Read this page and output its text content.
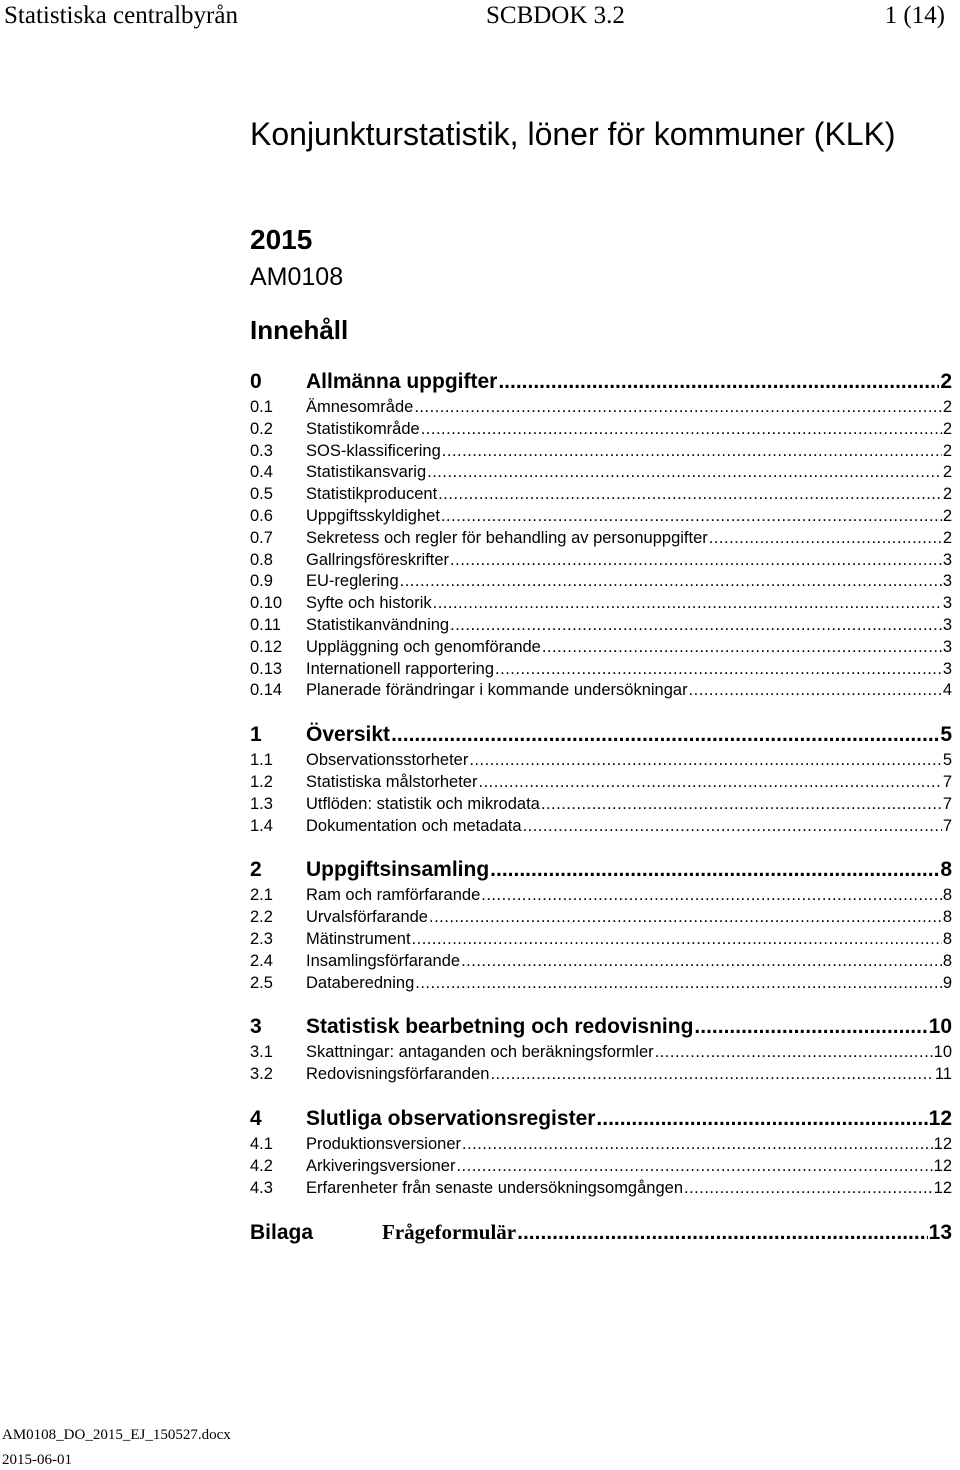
Statistiska centralbyrån	SCBDOK 3.2	1 (14)
Konjunkturstatistik, löner för kommuner (KLK)
2015
AM0108
Innehåll
0	Allmänna uppgifter .....	2
0.1	Ämnesområde .....	2
0.2	Statistikområde .....	2
0.3	SOS-klassificering .....	2
0.4	Statistikansvarig .....	2
0.5	Statistikproducent .....	2
0.6	Uppgiftsskyldighet .....	2
0.7	Sekretess och regler för behandling av personuppgifter .....	2
0.8	Gallringsföreskrifter .....	3
0.9	EU-reglering .....	3
0.10	Syfte och historik .....	3
0.11	Statistikanvändning .....	3
0.12	Uppläggning och genomförande .....	3
0.13	Internationell rapportering .....	3
0.14	Planerade förändringar i kommande undersökningar .....	4
1	Översikt .....	5
1.1	Observationsstorheter .....	5
1.2	Statistiska målstorheter .....	7
1.3	Utflöden: statistik och mikrodata .....	7
1.4	Dokumentation och metadata .....	7
2	Uppgiftsinsamling .....	8
2.1	Ram och ramförfarande .....	8
2.2	Urvalsförfarande .....	8
2.3	Mätinstrument .....	8
2.4	Insamlingsförfarande .....	8
2.5	Databeredning .....	9
3	Statistisk bearbetning och redovisning .....	10
3.1	Skattningar: antaganden och beräkningsformler .....	10
3.2	Redovisningsförfaranden .....	11
4	Slutliga observationsregister .....	12
4.1	Produktionsversioner .....	12
4.2	Arkiveringsversioner .....	12
4.3	Erfarenheter från senaste undersökningsomgången .....	12
Bilaga	Frågeformulär .....	13
AM0108_DO_2015_EJ_150527.docx
2015-06-01
